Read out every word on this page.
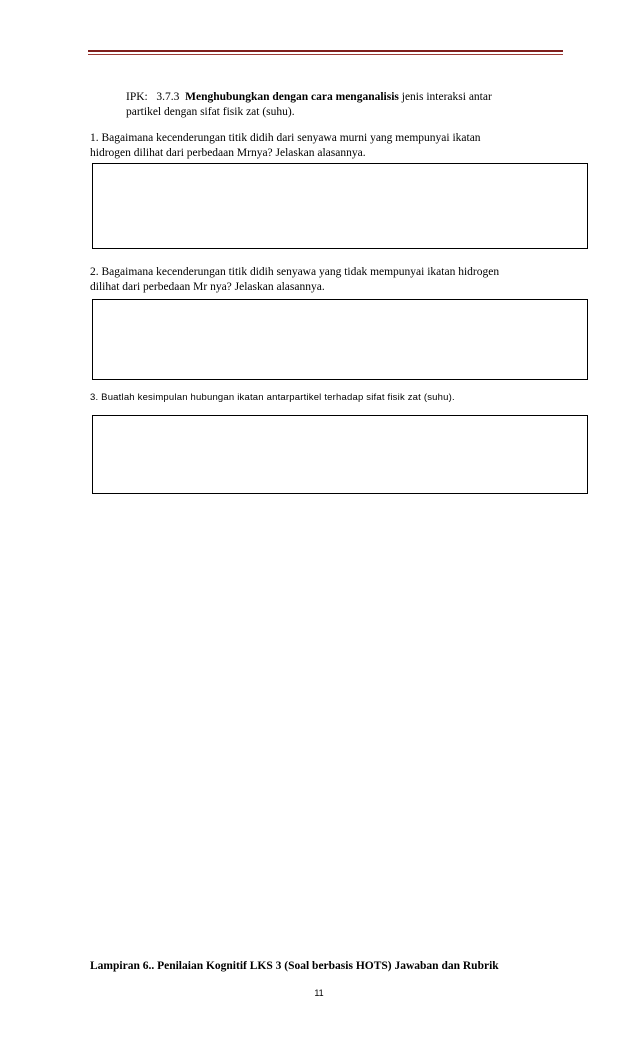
IPK: 3.7.3 Menghubungkan dengan cara menganalisis jenis interaksi antar
partikel dengan sifat fisik zat (suhu).
1. Bagaimana kecenderungan titik didih dari senyawa murni yang mempunyai ikatan
hidrogen dilihat dari perbedaan Mrnya? Jelaskan alasannya.
2. Bagaimana kecenderungan titik didih senyawa yang tidak mempunyai ikatan hidrogen
dilihat dari perbedaan Mr nya? Jelaskan alasannya.
3. Buatlah kesimpulan hubungan ikatan antarpartikel terhadap sifat fisik zat (suhu).
Lampiran 6.. Penilaian Kognitif LKS 3 (Soal berbasis HOTS) Jawaban dan Rubrik
11
